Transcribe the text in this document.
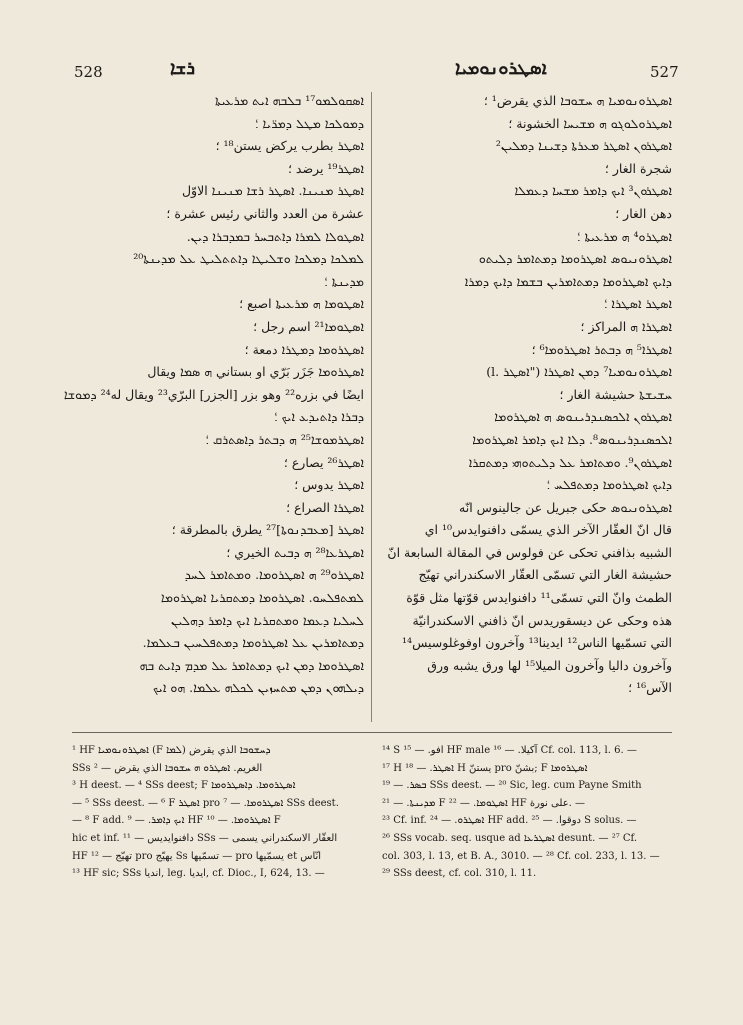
528	ܪܫܐ	ܐܣܛܪܘܢܘܡܝܐ	527
ܐܣܩܘܠܡܘ¹⁷ ܒܠܒܗ ܐܝܬ ܡܪܥܝܬܐ
ܕܡܘܠܟܐ ܡܛܠ ܕܡܪ̈ܝܐ ؛
ܐܣܛܪ بطرب يركض يستن¹⁸ ؛
ܐܣܛܪ¹⁹ يرضد ؛
ܐܣܛܪ ܡܢܝܢܐ. ܐܣܛܪ ܪܫܐ ܡܢܝܢܐ الاوّل
عشرة من العدد والثاني رئيس عشرة ؛
ܐܣܛܘܠܐ ܠܡܪܐ ܕܐܬܒܚܪ ܒܡܕܒܪܐ ܕܝܢ.
ܠܡܠܟܐ ܕܡܠܟܐ ܘܫܠܝܛܐ ܕܐܬܬܠܝܛ ܥܠ ܡܕܝܢܬܐ²⁰
ܡܕܝܢܬܐ ؛
ܐܣܛܘܡܐ ܗ ܡܪܥܝܬܐ اصبع ؛
ܐܣܛܘܡܐ²¹ اسم رجل ؛
ܐܣܛܪܘܡܐ ܕܡܛܪܐ دمعة ؛
ܐܣܛܪܘܡܐ جَزَر بَرّي او بستاني ܗ ܣܡܐ ويقال
ايضًا في بزره²² وهو بزر [الجزر] البرّي²³ ويقال له²⁴ ܕܡܘܫܐ
ܕܒܪܐ ܕܐܬܝܕܥ ܐܝܟ ؛
ܐܣܛܪܡܘܫܐ²⁵ ܗ ܕܒܬܪ ܕܐܣܬܪܩ ؛
ܐܣܛܪ²⁶ يصارع ؛
ܐܣܛܪ يدوس ؛
ܐܣܛܪܐ الصراع ؛
ܐܣܛܪ [ܡܥܒܕܢܘܬܐ]²⁷ يطرق بالمطرقة ؛
ܐܣܛܪܥܐ²⁸ ܗ ܕܒܝܬ الخيري ؛
ܐܣܛܪܘ²⁹ ܗ ܐܣܛܪܘܡܐ. ܘܡܬܐܡܪ ܠܚܕ
ܠܡܬܦܠܚܘ. ܐܣܛܪܘܡܐ ܕܡܬܩܪܝܐ ܐܣܛܪܘܡܐ
ܠܚܠܝܐ ܕܥܡܐ ܘܡܬܩܪܝܐ ܐܝܟ ܕܐܡܪ ܕܗܠܝܢ
ܕܡܬܐܡܪܝܢ ܥܠ ܐܣܛܪܘܡܐ ܕܡܬܦܠܚܝܢ ܒܥܠܡܐ.
ܐܣܛܪܘܡܐ ܕܡܢ ܐܝܟ ܕܡܬܐܡܪ ܥܠ ܡܕܡ ܕܐܝܬ ܒܗ
ܕܝܠܗܘܢ ܕܡܢ ܡܬܚܙܝܢ ܠܟܠܗ ܥܠܡܐ. ܗܘ ܐܝܟ
ܐܣܛܪܘܢܘܡܝܐ ܗ ܚܫܘܒܐ الذي يقرض¹ ؛
ܐܣܛܪܘܠܘܓܘ ܗ ܡܫܝܚܐ الخشونة ؛
ܐܣܛܪܘܢ ܐܣܛܪ ܡܥܪܬܐ ܕܫܝܢܐ ܕܡܠܝܢ²
شجرة الغار ؛
ܐܣܛܪܘܢ³ ܐܝܟ ܕܐܡܪ ܡܫܚܐ ܕܥܡܠܐ
دهن الغار ؛
ܐܣܛܪܘ⁴ ܗ ܡܪܥܝܬܐ ؛
ܐܣܛܪܘܢܝܘܣ ܐܣܛܪܘܡܐ ܕܡܬܐܡܪ ܕܠܝܬܘ
ܕܐܝܟ ܐܣܛܪܘܡܐ ܕܡܬܐܡܪܝܢ ܒܫܡܐ ܕܐܝܟ ܕܡܪܐ
ܐܣܛܪ ܐܣܛܪܐ ؛
ܐܣܛܪܐ ܗ المراكز ؛
ܐܣܛܪܐ⁵ ܗ ܕܒܬܪ ܐܣܛܪܘܡܐ⁶ ؛
ܐܣܛܪܘܢܘܡܝܐ⁷ ܕܡܢ ܐܣܛܪܐ ("ܐܣܛܪ .l)
ܚܫܝܫܬܐ حشيشة الغار ؛
ܐܣܛܪܘܢ ܐܠܟܣܢܕܪܝܢܘܣ ܗ ܐܣܛܪܘܡܐ
ܐܠܟܣܢܕܪܝܢܘܣ⁸. ܕܠܐ ܐܝܟ ܕܐܡܪ ܐܣܛܪܘܡܐ
ܐܣܛܪܘܢ⁹. ܘܡܬܐܡܪ ܥܠ ܕܠܝܬܘܗܝ ܕܡܬܩܪܐ
ܕܐܝܟ ܐܣܛܪܘܡܐ ܕܡܬܦܠܚ ؛
ܐܣܛܪܘܢܝܘܣ حكى جبريل عن جالينوس انّه
قال انّ العقّار الآخر الذي يسمّى دافنوايدس¹⁰ اي
الشبيه بذافني تحكى عن فولوس في المقالة السابعة انّ
حشيشة الغار التي تسمّى العقّار الاسكندراني تهيّج
الطمث وانّ التي تسمّى¹¹ دافنوايدس قوّتها مثل قوّة
هذه وحكى عن ديسقوريدس انّ ذافني الاسكندرانيّة
التي تسمّيها الناس¹² ايدينا¹³ وآخرون اوفوغلوسيس¹⁴
وآخرون داليا وآخرون الميلا¹⁵ لها ورق يشبه ورق
الآس¹⁶ ؛
¹ HF ܐܣܛܪܘܢܘܡܝܐ (F ܠܡܐ) ܕܚܫܘܒܐ الذي يقرض
SSs ² — الغريم. ܐܣܛܪܘ ܗ ܚܫܘܒܐ الذي يقرض
³ H deest. — ⁴ SSs deest; F ܐܣܛܪܘܡܐ. ܕܐܣܛܪܘܡܐ
— ⁵ SSs deest. — ⁶ F ܐܣܛܪ pro ܐܣܛܪܘܡܐ. — ⁷ SSs deest.
— ⁸ F add. ܐܝܟ ܕܐܡܪ. — ⁹ HF ܐܣܛܪܘܡܐ. — ¹⁰ F
hic et inf. ¹¹ — دافنوايديس SSs — العقّار الاسكندراني يسمى
HF ¹² — تهيّج pro يهيّج Ss تسمّيها — pro يسمّيها et انّاس
¹³ HF sic; SSs انديا, leg. ايديا, cf. Dioc., I, 624, 13. —
¹⁴ S افو. — ¹⁵ HF male آكيلا. — ¹⁶ Cf. col. 113, l. 6. —
¹⁷ H ܐܣܛܪ. — ¹⁸ H يستنّ pro بشنّ; F ܐܣܛܪܘܡܐ
ܒܣܪ. — ¹⁹ SSs deest. — ²⁰ Sic, leg. cum Payne Smith
ܡܕܝܢܬܐ. — ²¹ F ܐܣܛܘܡܐ. — ²² HF على نورة. —
²³ Cf. inf. ܐܣܛܪܘ. — ²⁴ HF add. دوقوا. — ²⁵ S solus. —
²⁶ SSs vocab. seq. usque ad ܐܣܛܪܥܐ desunt. — ²⁷ Cf.
col. 303, l. 13, et B. A., 3010. — ²⁸ Cf. col. 233, l. 13. —
²⁹ SSs deest, cf. col. 310, l. 11.
